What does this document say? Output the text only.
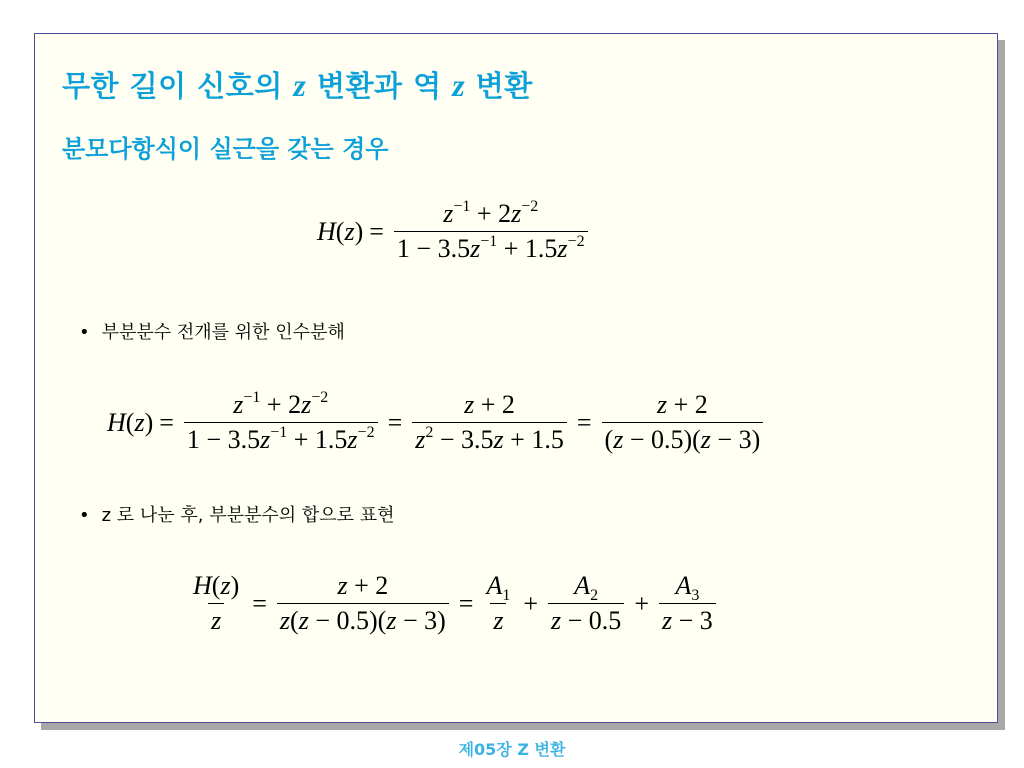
무한 길이 신호의 z 변환과 역 z 변환
분모다항식이 실근을 갖는 경우
$H(z) = \frac{z^{-1} + 2z^{-2}}{1 - 3.5z^{-1} + 1.5z^{-2}}$
• 부분분수 전개를 위한 인수분해
$H(z) = \frac{z^{-1} + 2z^{-2}}{1 - 3.5z^{-1} + 1.5z^{-2}} = \frac{z + 2}{z^2 - 3.5z + 1.5} = \frac{z + 2}{(z - 0.5)(z - 3)}$
• z 로 나눈 후, 부분분수의 합으로 표현
$\frac{H(z)}{z} = \frac{z + 2}{z(z - 0.5)(z - 3)} = \frac{A_1}{z} + \frac{A_2}{z - 0.5} + \frac{A_3}{z - 3}$
제05장 Z 변환
